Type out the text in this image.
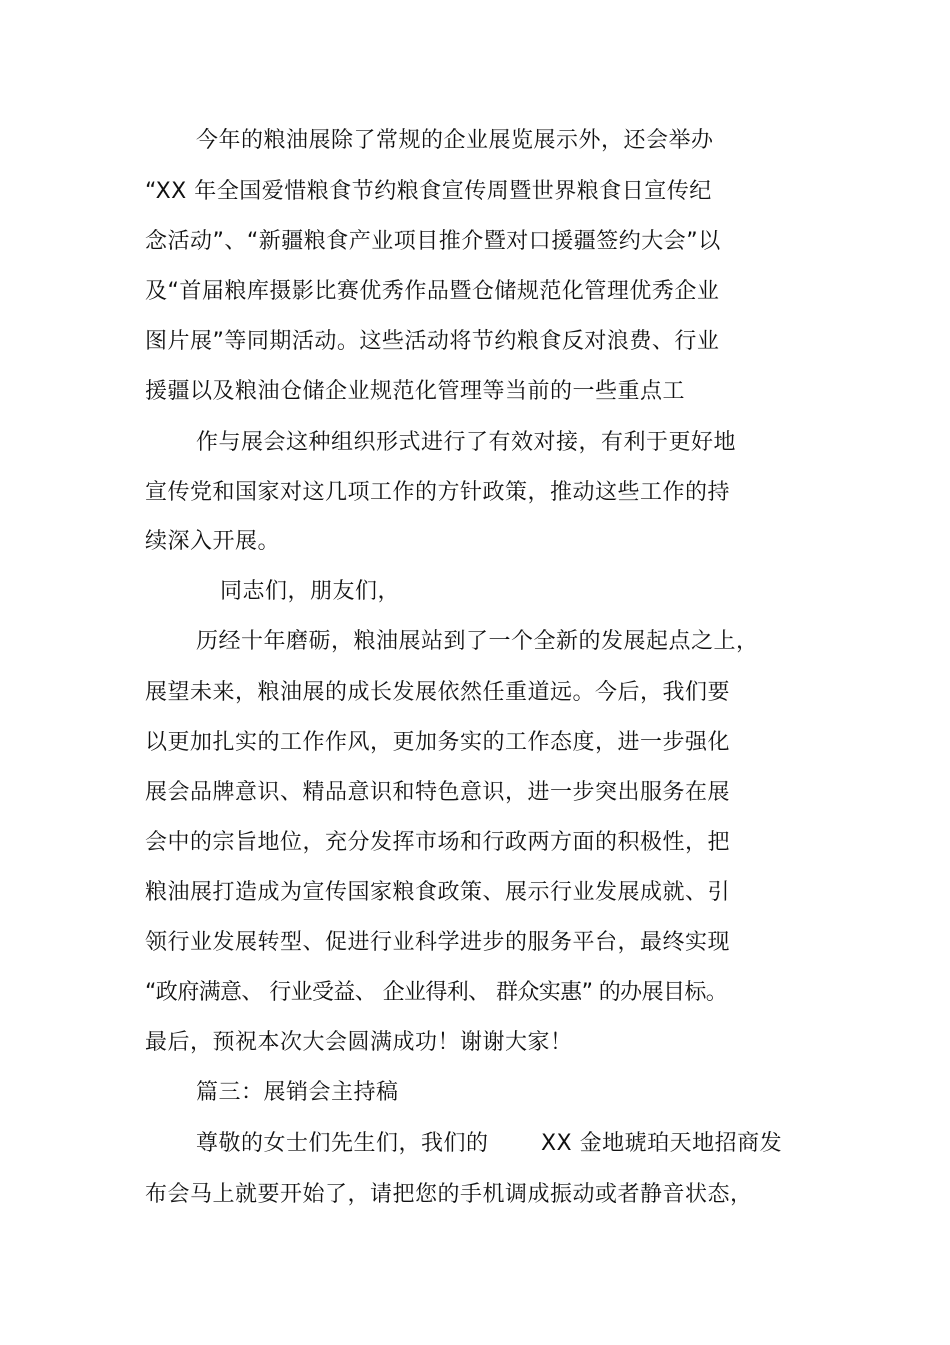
今年的粮油展除了常规的企业展览展示外，还会举办
“XX 年全国爱惜粮食节约粮食宣传周暨世界粮食日宣传纪
念活动”、“新疆粮食产业项目推介暨对口援疆签约大会”以
及“首届粮库摄影比赛优秀作品暨仓储规范化管理优秀企业
图片展”等同期活动。这些活动将节约粮食反对浪费、行业
援疆以及粮油仓储企业规范化管理等当前的一些重点工
作与展会这种组织形式进行了有效对接，有利于更好地
宣传党和国家对这几项工作的方针政策，推动这些工作的持
续深入开展。
同志们，朋友们，
历经十年磨砺，粮油展站到了一个全新的发展起点之上，
展望未来，粮油展的成长发展依然任重道远。今后，我们要
以更加扎实的工作作风，更加务实的工作态度，进一步强化
展会品牌意识、精品意识和特色意识，进一步突出服务在展
会中的宗旨地位，充分发挥市场和行政两方面的积极性，把
粮油展打造成为宣传国家粮食政策、展示行业发展成就、引
领行业发展转型、促进行业科学进步的服务平台，最终实现
“政府满意、 行业受益、 企业得利、 群众实惠” 的办展目标。
最后，预祝本次大会圆满成功！谢谢大家！
篇三：展销会主持稿
尊敬的女士们先生们，我们的       XX 金地琥珀天地招商发
布会马上就要开始了，请把您的手机调成振动或者静音状态，
